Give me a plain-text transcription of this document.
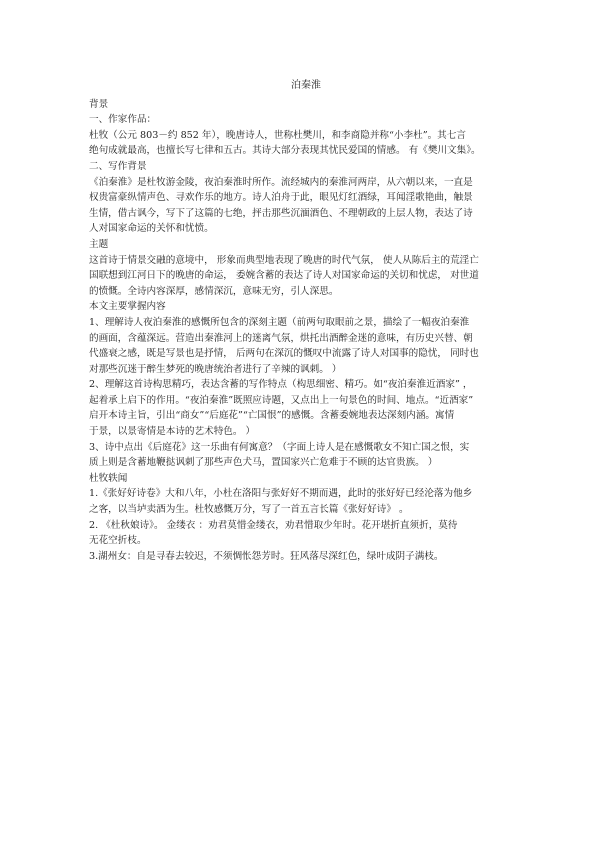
泊秦淮
背景
一、作家作品：
杜牧（公元 803－约 852 年），晚唐诗人，世称杜樊川，和李商隐并称“小李杜”。其七言
绝句成就最高，也擅长写七律和五古。其诗大部分表现其忧民爱国的情感。 有《樊川文集》。
二、写作背景
《泊秦淮》是杜牧游金陵，夜泊秦淮时所作。流经城内的秦淮河两岸，从六朝以来，一直是
权贵富豪纵情声色、寻欢作乐的地方。诗人泊舟于此，眼见灯红酒绿，耳闻淫歌艳曲，触景
生情，借古讽今，写下了这篇的七绝，抨击那些沉湎酒色、不理朝政的上层人物，表达了诗
人对国家命运的关怀和忧愤。
主题
这首诗于情景交融的意境中， 形象而典型地表现了晚唐的时代气氛， 使人从陈后主的荒淫亡
国联想到江河日下的晚唐的命运， 委婉含蓄的表达了诗人对国家命运的关切和忧虑， 对世道
的愤慨。全诗内容深厚，感情深沉，意味无穷，引人深思。
本文主要掌握内容
1、理解诗人夜泊秦淮的感慨所包含的深刻主题（前两句取眼前之景，描绘了一幅夜泊秦淮
的画面，含蕴深远。营造出秦淮河上的迷离气氛，烘托出酒醉金迷的意味，有历史兴替、朝
代盛衰之感，既是写景也是抒情， 后两句在深沉的慨叹中流露了诗人对国事的隐忧， 同时也
对那些沉迷于醉生梦死的晚唐统治者进行了辛辣的讽刺。 ）
2、理解这首诗构思精巧，表达含蓄的写作特点（构思细密、精巧。如“夜泊秦淮近酒家” ，
起着承上启下的作用。“夜泊秦淮”既照应诗题，又点出上一句景色的时间、地点。“近酒家”
启开本诗主旨，引出“商女”“后庭花”“亡国恨”的感慨。含蓄委婉地表达深刻内涵。寓情
于景，以景寄情是本诗的艺术特色。 ）
3、诗中点出《后庭花》这一乐曲有何寓意？（字面上诗人是在感慨歌女不知亡国之恨，实
质上则是含蓄地鞭挞讽刺了那些声色犬马，置国家兴亡危难于不顾的达官贵族。 ）
杜牧轶闻
1.《张好好诗卷》大和八年，小杜在洛阳与张好好不期而遇，此时的张好好已经沦落为他乡
之客，以当垆卖酒为生。杜牧感慨万分，写了一首五言长篇《张好好诗》 。
2. 《杜秋娘诗》。 金缕衣 ：劝君莫惜金缕衣，劝君惜取少年时。花开堪折直须折，莫待
无花空折枝。
3.湖州女：自是寻春去较迟，不须惆怅怨芳时。狂风落尽深红色，绿叶成阴子满枝。
